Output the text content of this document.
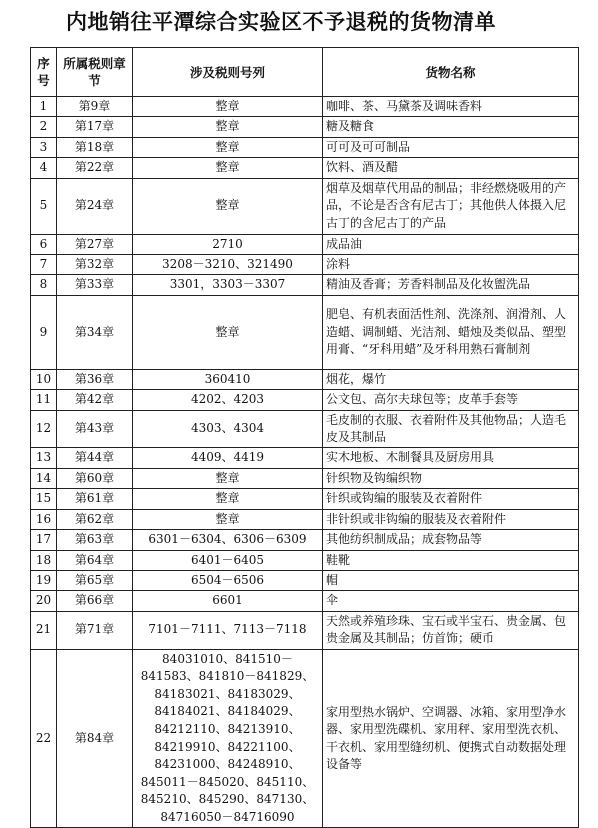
内地销往平潭综合实验区不予退税的货物清单
序号	所属税则章节	涉及税则号列	货物名称
1	第9章	整章	咖啡、茶、马黛茶及调味香料
2	第17章	整章	糖及糖食
3	第18章	整章	可可及可可制品
4	第22章	整章	饮料、酒及醋
5	第24章	整章	烟草及烟草代用品的制品；非经燃烧吸用的产品，不论是否含有尼古丁；其他供人体摄入尼古丁的含尼古丁的产品
6	第27章	2710	成品油
7	第32章	3208－3210、321490	涂料
8	第33章	3301，3303－3307	精油及香膏；芳香料制品及化妆盥洗品
9	第34章	整章	肥皂、有机表面活性剂、洗涤剂、润滑剂、人造蜡、调制蜡、光洁剂、蜡烛及类似品、塑型用膏、“牙科用蜡”及牙科用熟石膏制剂
10	第36章	360410	烟花，爆竹
11	第42章	4202、4203	公文包、高尔夫球包等；皮革手套等
12	第43章	4303、4304	毛皮制的衣服、衣着附件及其他物品；人造毛皮及其制品
13	第44章	4409、4419	实木地板、木制餐具及厨房用具
14	第60章	整章	针织物及钩编织物
15	第61章	整章	针织或钩编的服装及衣着附件
16	第62章	整章	非针织或非钩编的服装及衣着附件
17	第63章	6301－6304、6306－6309	其他纺织制成品；成套物品等
18	第64章	6401－6405	鞋靴
19	第65章	6504－6506	帽
20	第66章	6601	伞
21	第71章	7101－7111、7113－7118	天然或养殖珍珠、宝石或半宝石、贵金属、包贵金属及其制品；仿首饰；硬币
22	第84章	84031010、841510－841583、841810－841829、84183021、84183029、84184021、84184029、84212110、84213910、84219910、84221100、84231000、84248910、845011－845020、845110、845210、845290、847130、84716050－84716090	家用型热水锅炉、空调器、冰箱、家用型净水器、家用型洗碟机、家用秤、家用型洗衣机、干衣机、家用型缝纫机、便携式自动数据处理设备等
